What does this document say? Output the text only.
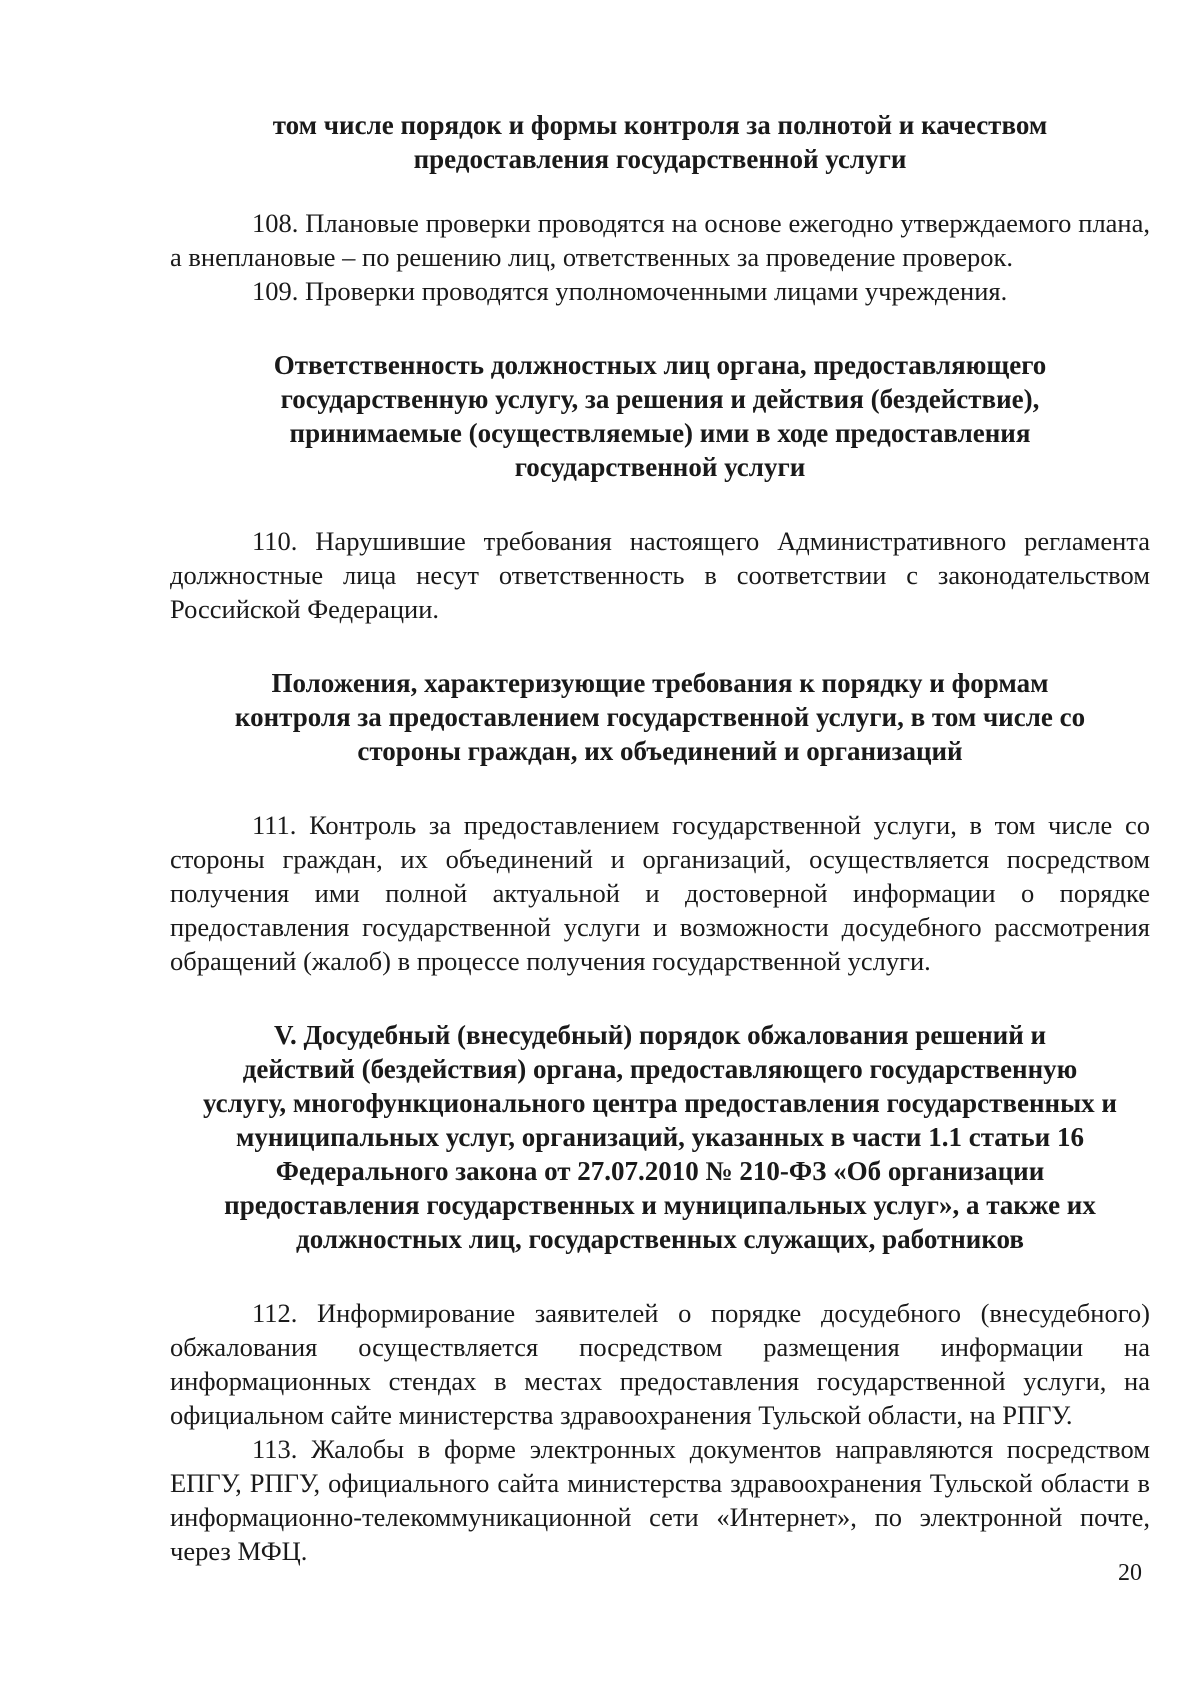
том числе порядок и формы контроля за полнотой и качеством
предоставления государственной услуги

108. Плановые проверки проводятся на основе ежегодно утверждаемого плана, а внеплановые – по решению лиц, ответственных за проведение проверок.

109. Проверки проводятся уполномоченными лицами учреждения.

Ответственность должностных лиц органа, предоставляющего
государственную услугу, за решения и действия (бездействие),
принимаемые (осуществляемые) ими в ходе предоставления
государственной услуги

110. Нарушившие требования настоящего Административного регламента должностные лица несут ответственность в соответствии с законодательством Российской Федерации.

Положения, характеризующие требования к порядку и формам
контроля за предоставлением государственной услуги, в том числе со
стороны граждан, их объединений и организаций

111. Контроль за предоставлением государственной услуги, в том числе со стороны граждан, их объединений и организаций, осуществляется посредством получения ими полной актуальной и достоверной информации о порядке предоставления государственной услуги и возможности досудебного рассмотрения обращений (жалоб) в процессе получения государственной услуги.

V. Досудебный (внесудебный) порядок обжалования решений и
действий (бездействия) органа, предоставляющего государственную
услугу, многофункционального центра предоставления государственных и
муниципальных услуг, организаций, указанных в части 1.1 статьи 16
Федерального закона от 27.07.2010 № 210-ФЗ «Об организации
предоставления государственных и муниципальных услуг», а также их
должностных лиц, государственных служащих, работников

112. Информирование заявителей о порядке досудебного (внесудебного) обжалования осуществляется посредством размещения информации на информационных стендах в местах предоставления государственной услуги, на официальном сайте министерства здравоохранения Тульской области, на РПГУ.

113. Жалобы в форме электронных документов направляются посредством ЕПГУ, РПГУ, официального сайта министерства здравоохранения Тульской области в информационно-телекоммуникационной сети «Интернет», по электронной почте, через МФЦ.

20
